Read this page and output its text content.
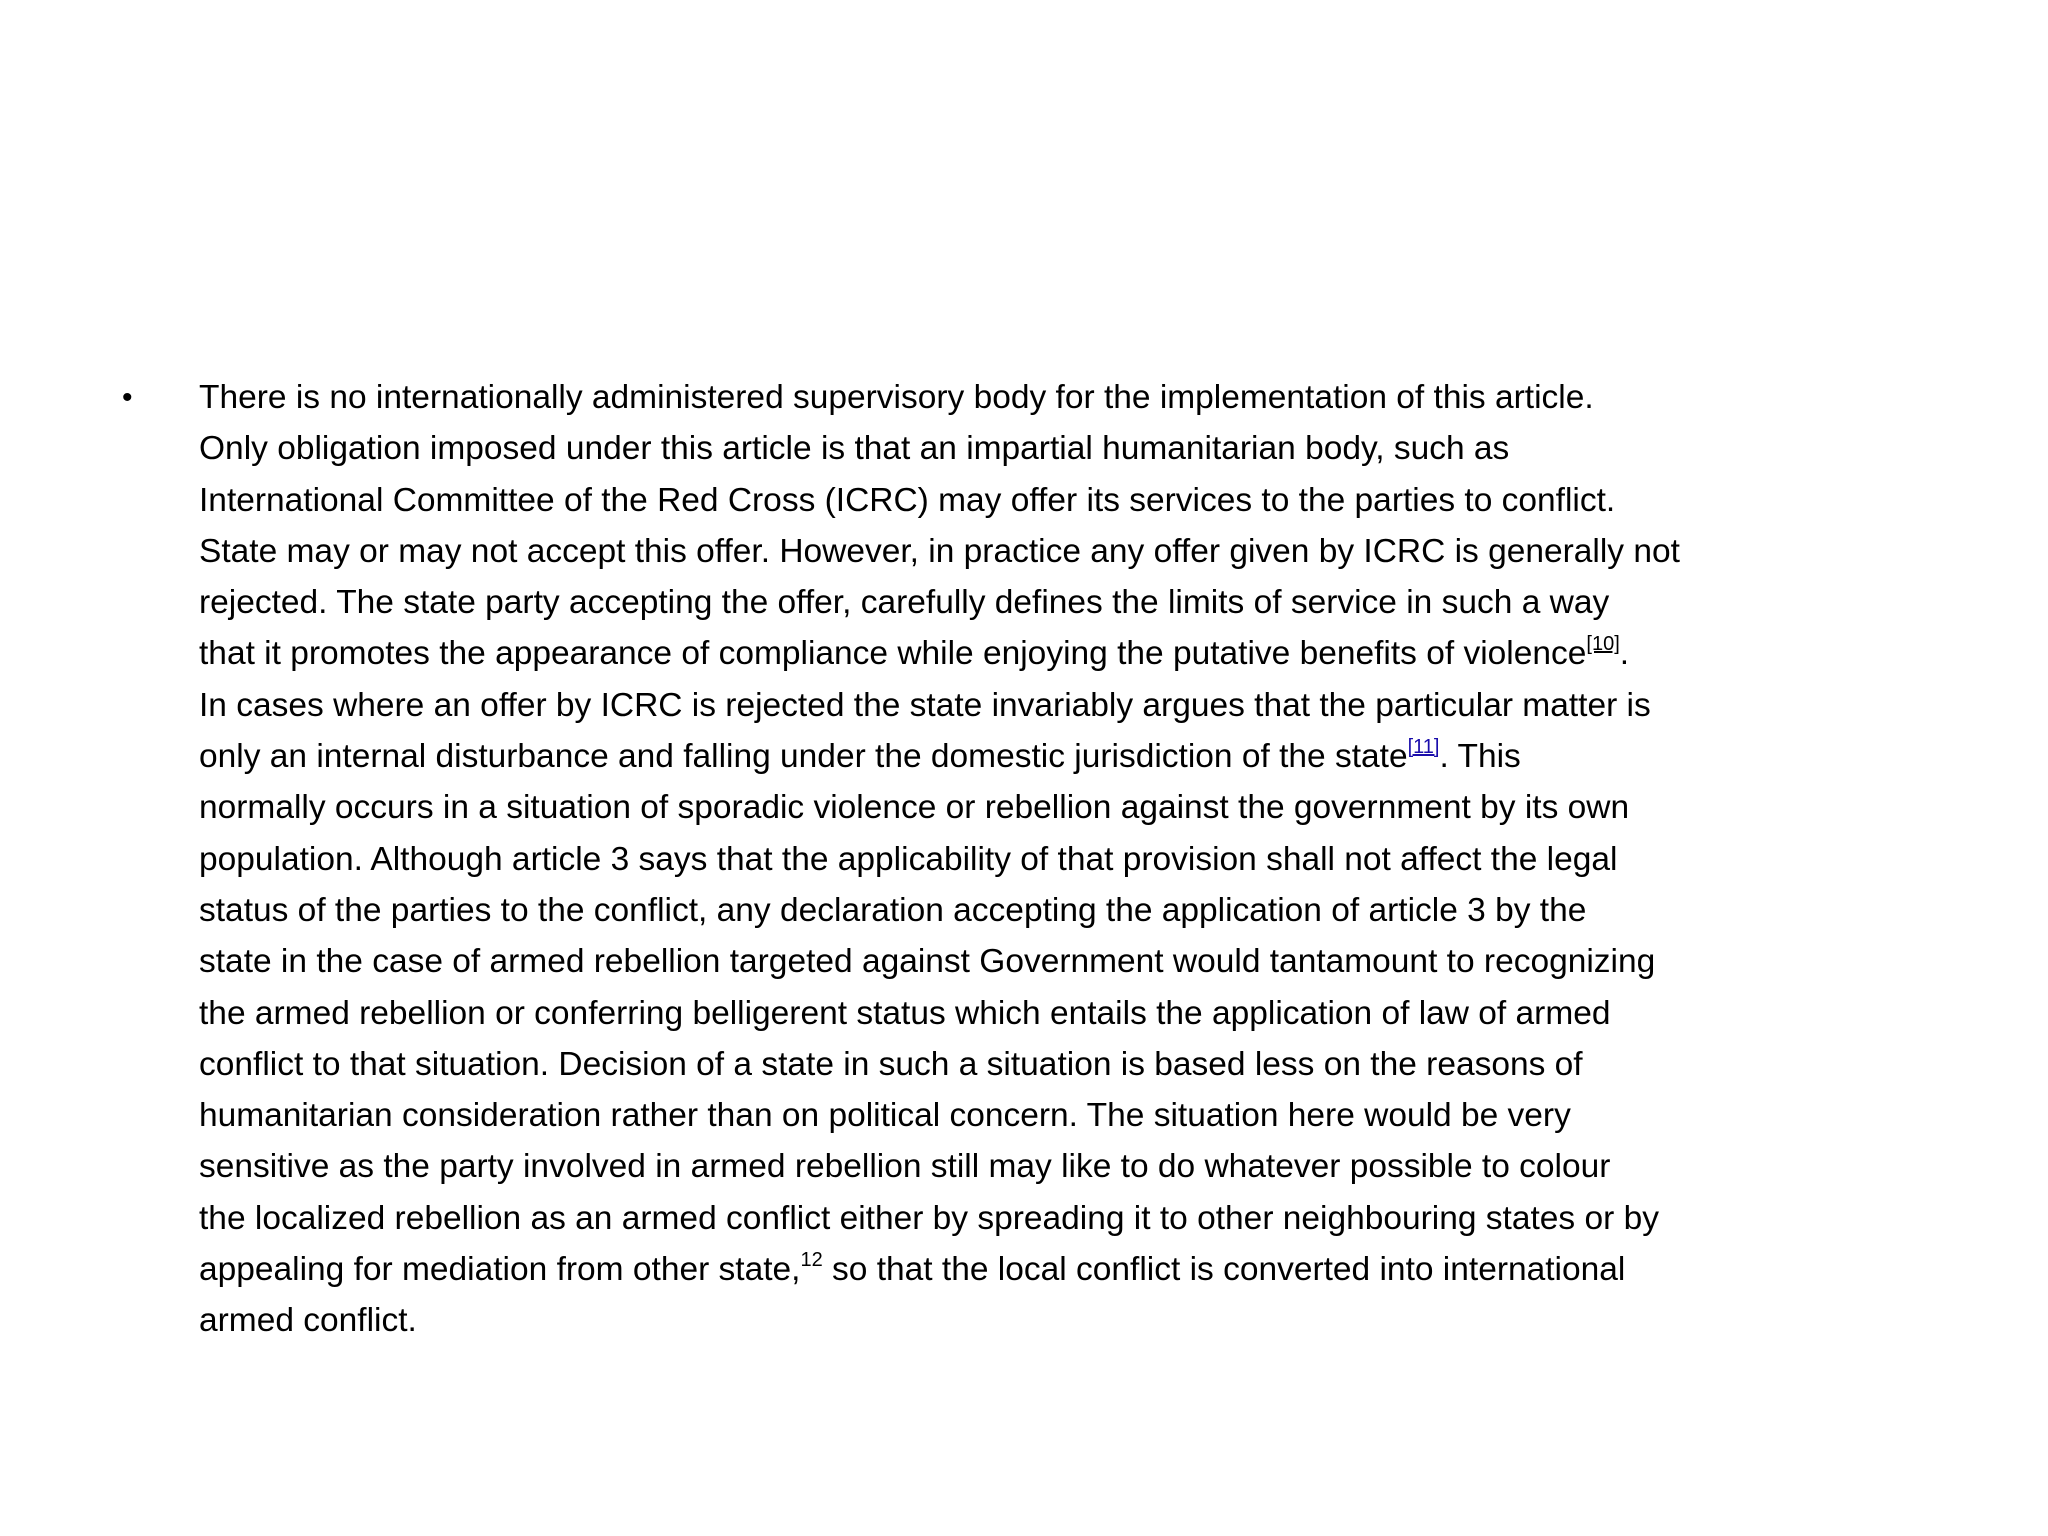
• There is no internationally administered supervisory body for the implementation of this article.
Only obligation imposed under this article is that an impartial humanitarian body, such as
International Committee of the Red Cross (ICRC) may offer its services to the parties to conflict.
State may or may not accept this offer. However, in practice any offer given by ICRC is generally not
rejected. The state party accepting the offer, carefully defines the limits of service in such a way
that it promotes the appearance of compliance while enjoying the putative benefits of violence[10].
In cases where an offer by ICRC is rejected the state invariably argues that the particular matter is
only an internal disturbance and falling under the domestic jurisdiction of the state[11]. This
normally occurs in a situation of sporadic violence or rebellion against the government by its own
population. Although article 3 says that the applicability of that provision shall not affect the legal
status of the parties to the conflict, any declaration accepting the application of article 3 by the
state in the case of armed rebellion targeted against Government would tantamount to recognizing
the armed rebellion or conferring belligerent status which entails the application of law of armed
conflict to that situation. Decision of a state in such a situation is based less on the reasons of
humanitarian consideration rather than on political concern. The situation here would be very
sensitive as the party involved in armed rebellion still may like to do whatever possible to colour
the localized rebellion as an armed conflict either by spreading it to other neighbouring states or by
appealing for mediation from other state,$^{12}$ so that the local conflict is converted into international
armed conflict.
